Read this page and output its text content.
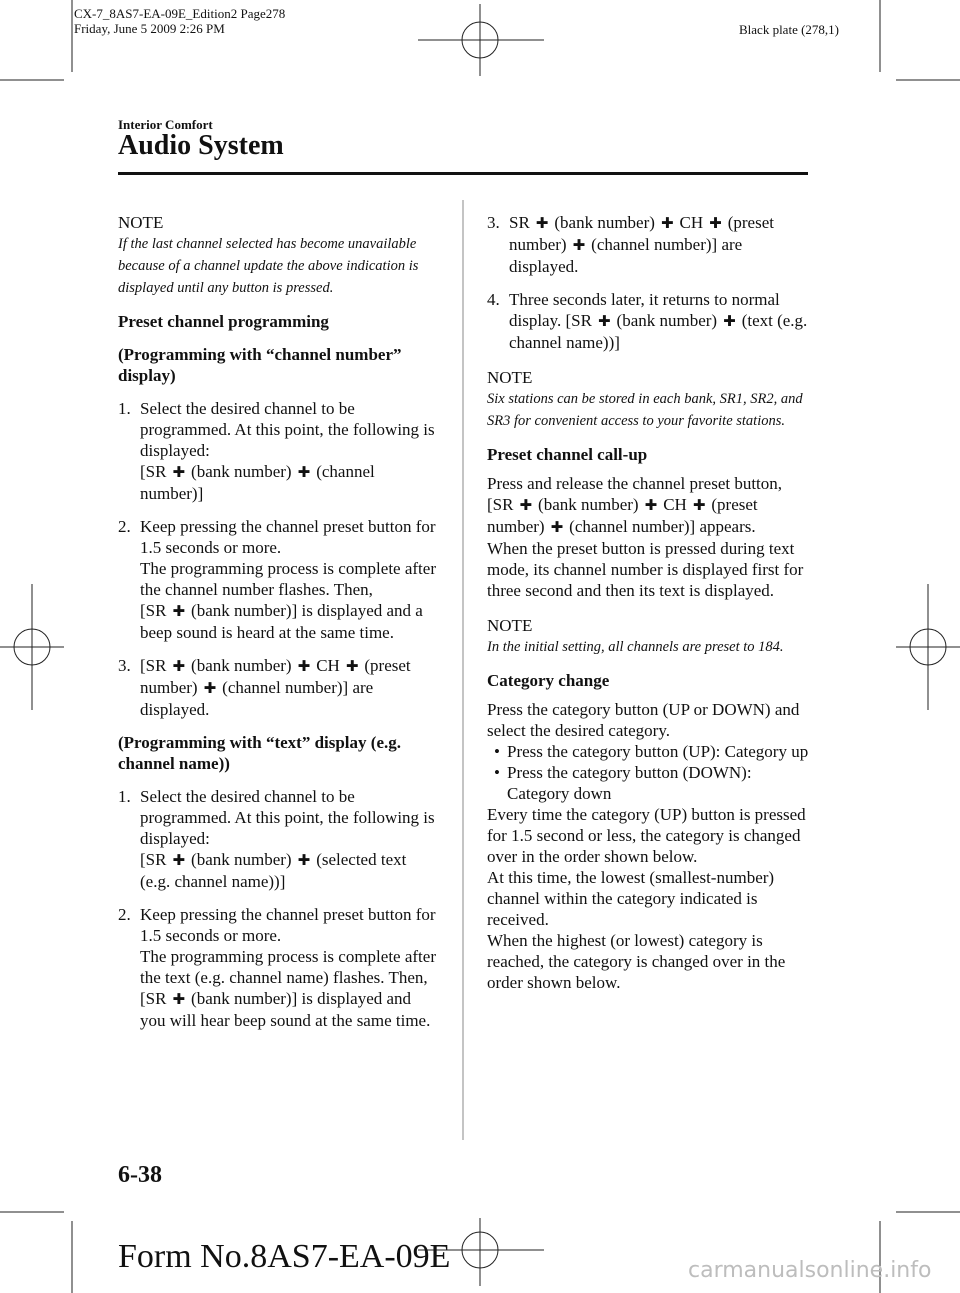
CX-7_8AS7-EA-09E_Edition2 Page278
Friday, June 5 2009 2:26 PM	Black plate (278,1)
Interior Comfort
Audio System

NOTE

If the last channel selected has become unavailable because of a channel update the above indication is displayed until any button is pressed.

Preset channel programming

(Programming with “channel number” display)

1. Select the desired channel to be programmed. At this point, the following is displayed:
[SR ✚ (bank number) ✚ (channel number)]
2. Keep pressing the channel preset button for 1.5 seconds or more.
The programming process is complete after the channel number flashes. Then,
[SR ✚ (bank number)] is displayed and a beep sound is heard at the same time.
3. [SR ✚ (bank number) ✚ CH ✚ (preset number) ✚ (channel number)] are displayed.

(Programming with “text” display (e.g. channel name))

1. Select the desired channel to be programmed. At this point, the following is displayed:
[SR ✚ (bank number) ✚ (selected text (e.g. channel name))]
2. Keep pressing the channel preset button for 1.5 seconds or more.
The programming process is complete after the text (e.g. channel name) flashes. Then, [SR ✚ (bank number)] is displayed and you will hear beep sound at the same time.
3. SR ✚ (bank number) ✚ CH ✚ (preset number) ✚ (channel number)] are displayed.
4. Three seconds later, it returns to normal display. [SR ✚ (bank number) ✚ (text (e.g. channel name))]

NOTE

Six stations can be stored in each bank, SR1, SR2, and SR3 for convenient access to your favorite stations.

Preset channel call-up

Press and release the channel preset button,
[SR ✚ (bank number) ✚ CH ✚ (preset number) ✚ (channel number)] appears.
When the preset button is pressed during text mode, its channel number is displayed first for three second and then its text is displayed.

NOTE

In the initial setting, all channels are preset to 184.

Category change

Press the category button (UP or DOWN) and select the desired category.

• Press the category button (UP): Category up
• Press the category button (DOWN): Category down

Every time the category (UP) button is pressed for 1.5 second or less, the category is changed over in the order shown below.

At this time, the lowest (smallest-number) channel within the category indicated is received.

When the highest (or lowest) category is reached, the category is changed over in the order shown below.

6-38
Form No.8AS7-EA-09E	carmanualsonline.info
